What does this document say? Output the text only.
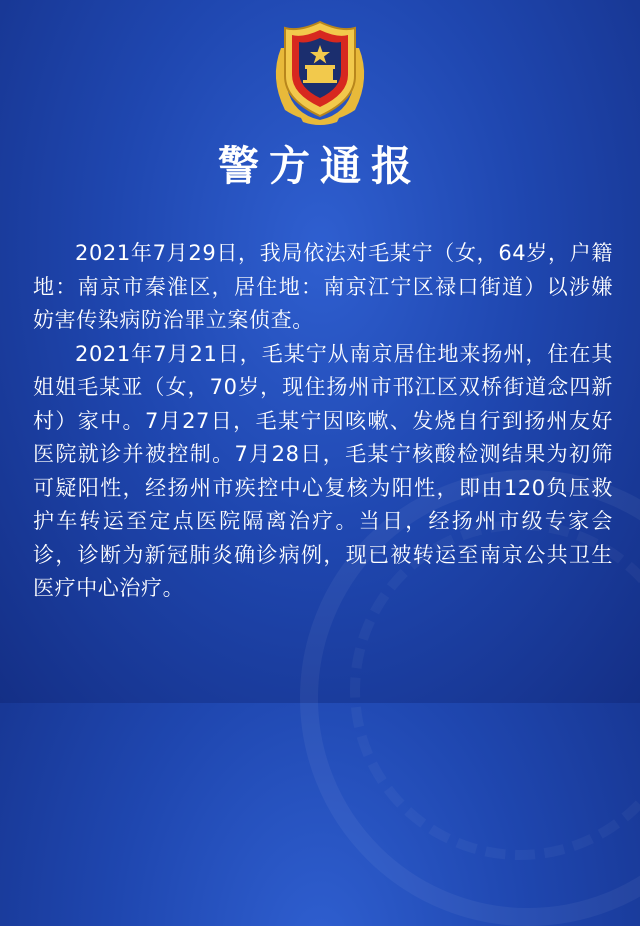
警方通报

2021年7月29日，我局依法对毛某宁（女，64岁，户籍地：南京市秦淮区，居住地：南京江宁区禄口街道）以涉嫌妨害传染病防治罪立案侦查。

2021年7月21日，毛某宁从南京居住地来扬州，住在其姐姐毛某亚（女，70岁，现住扬州市邗江区双桥街道念四新村）家中。7月27日，毛某宁因咳嗽、发烧自行到扬州友好医院就诊并被控制。7月28日，毛某宁核酸检测结果为初筛可疑阳性，经扬州市疾控中心复核为阳性，即由120负压救护车转运至定点医院隔离治疗。当日，经扬州市级专家会诊，诊断为新冠肺炎确诊病例，现已被转运至南京公共卫生医疗中心治疗。
